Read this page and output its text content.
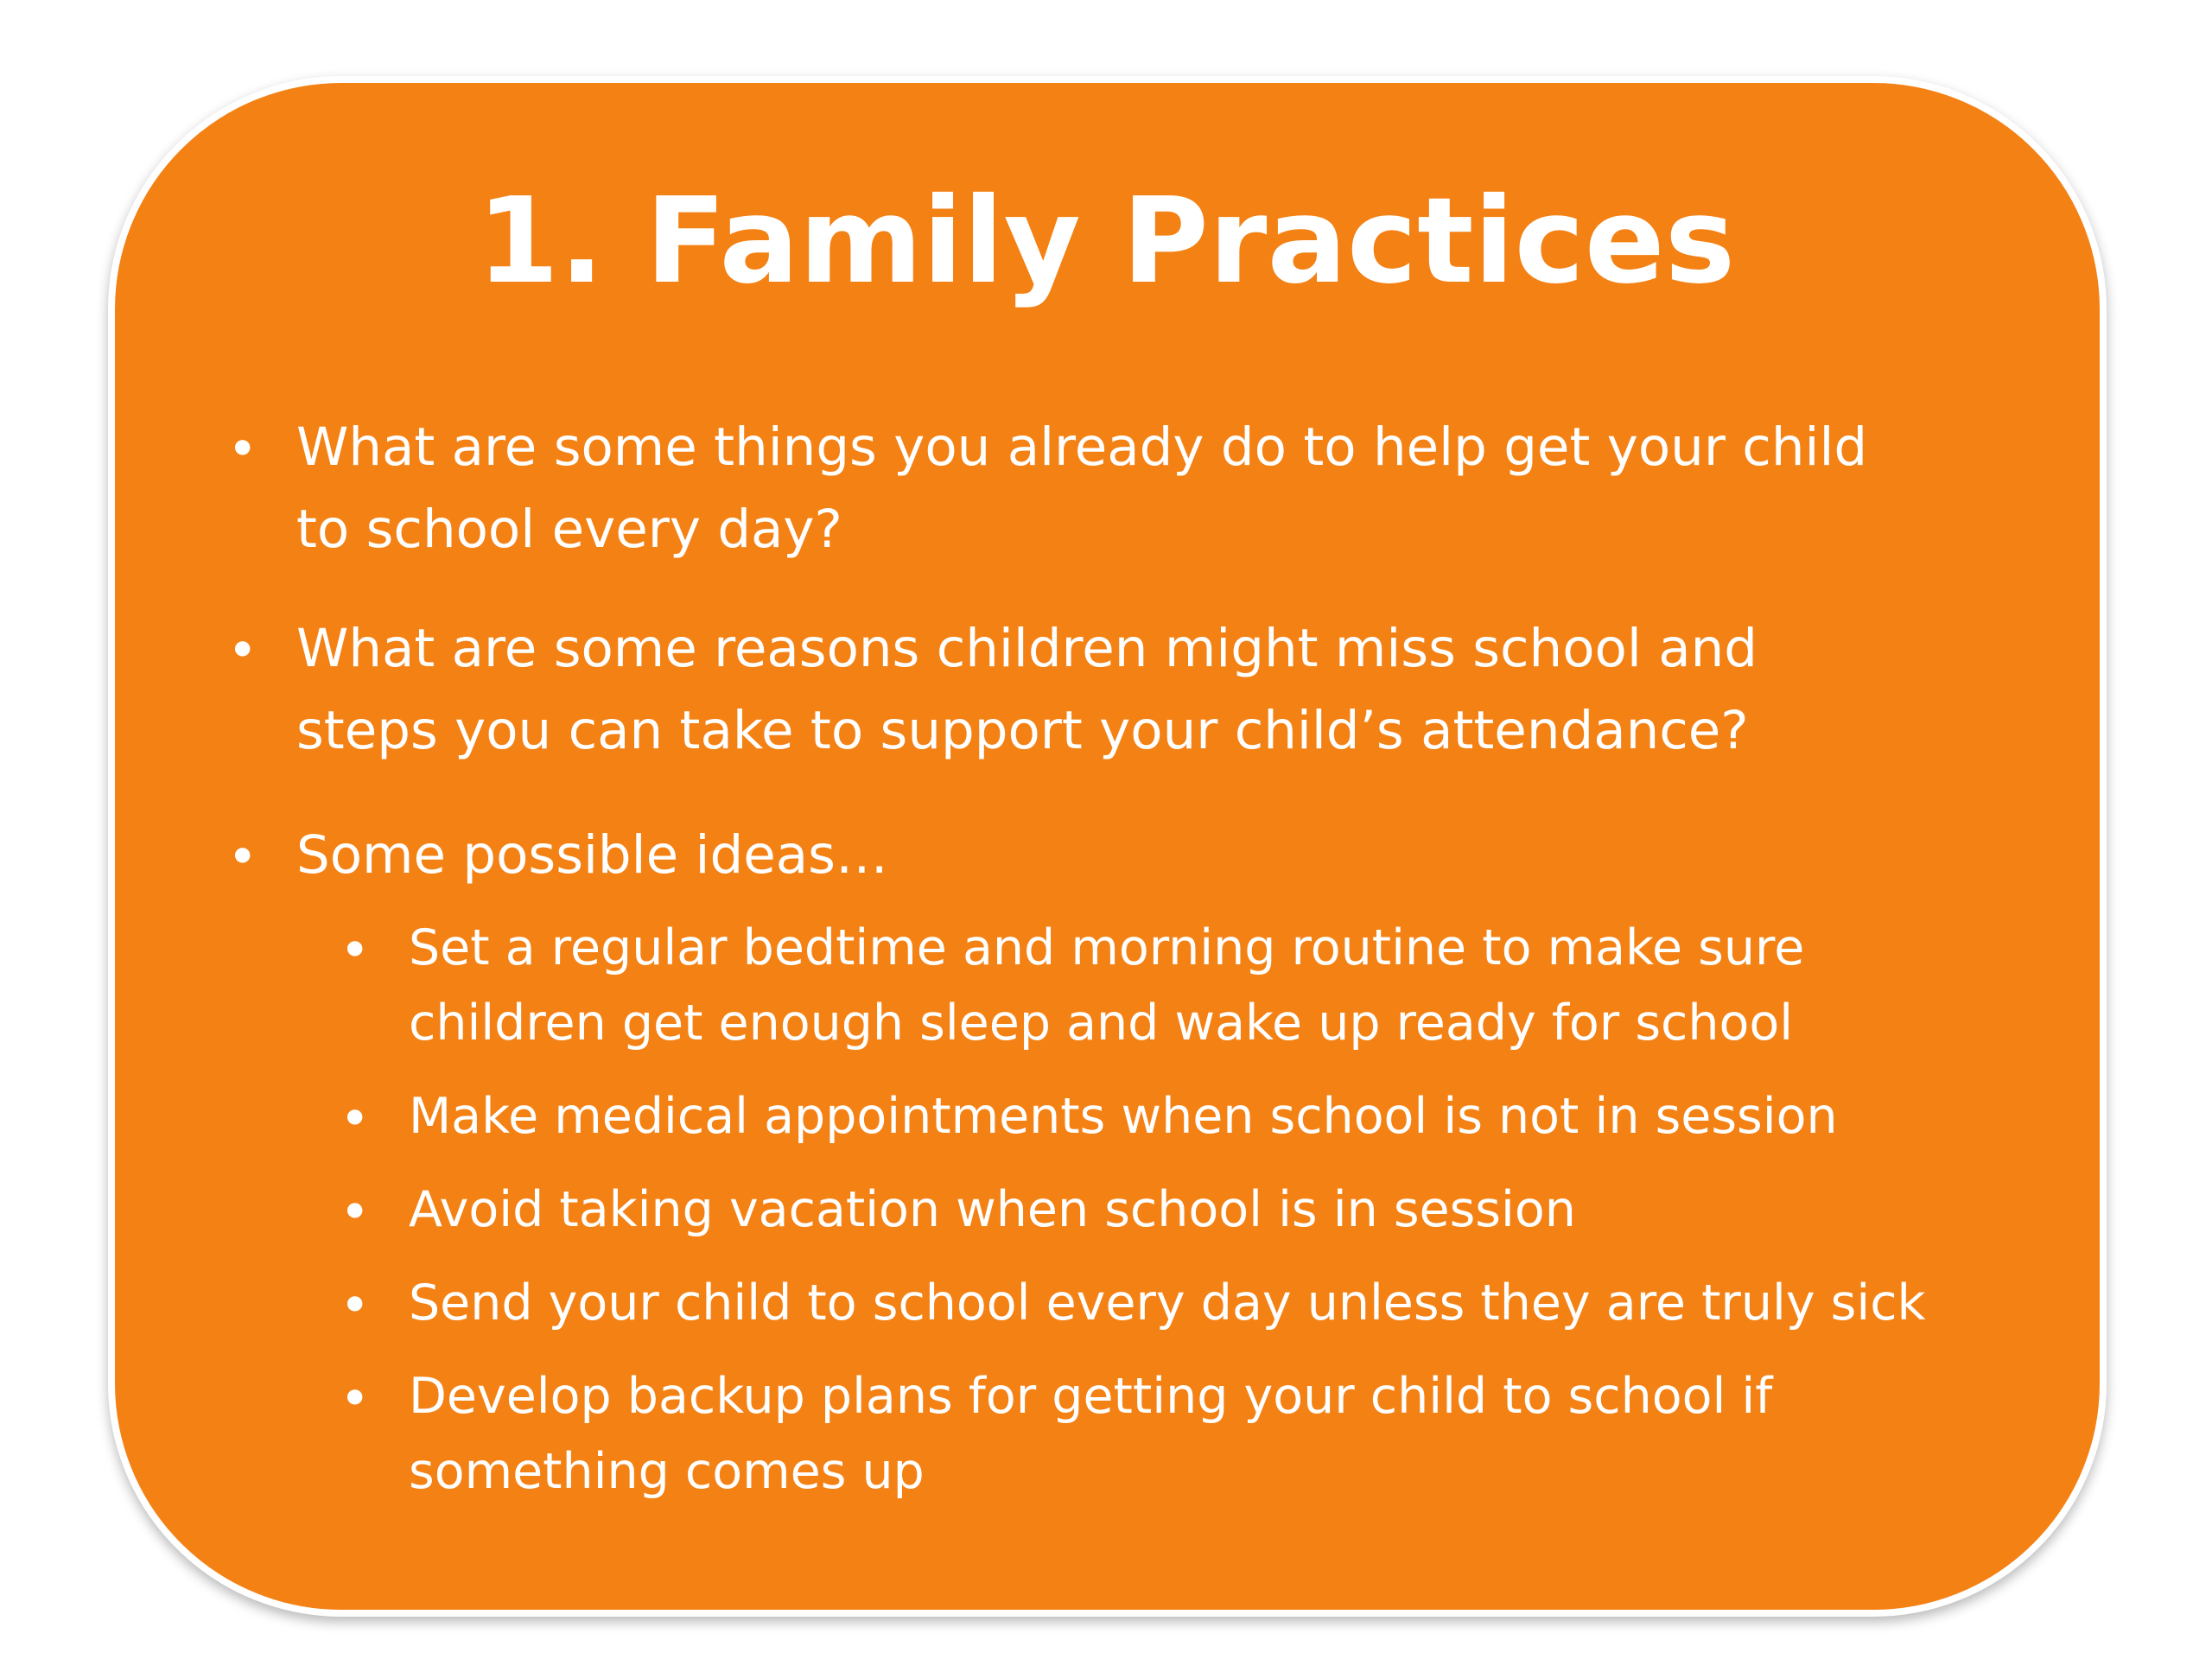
1. Family Practices
• What are some things you already do to help get your child
to school every day?
• What are some reasons children might miss school and
steps you can take to support your child’s attendance?
• Some possible ideas…
• Set a regular bedtime and morning routine to make sure
children get enough sleep and wake up ready for school
• Make medical appointments when school is not in session
• Avoid taking vacation when school is in session
• Send your child to school every day unless they are truly sick
• Develop backup plans for getting your child to school if
something comes up
